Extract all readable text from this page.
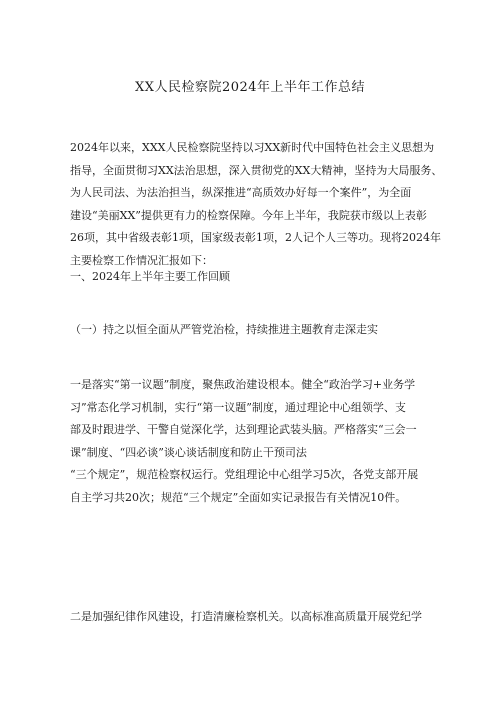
XX人民检察院2024年上半年工作总结

2024年以来，XXX人民检察院坚持以习XX新时代中国特色社会主义思想为
指导，全面贯彻习XX法治思想，深入贯彻党的XX大精神，坚持为大局服务、
为人民司法、为法治担当，纵深推进“高质效办好每一个案件”，为全面
建设“美丽XX”提供更有力的检察保障。今年上半年，我院获市级以上表彰
26项，其中省级表彰1项，国家级表彰1项，2人记个人三等功。现将2024年
主要检察工作情况汇报如下：

一、2024年上半年主要工作回顾
（一）持之以恒全面从严管党治检，持续推进主题教育走深走实

一是落实“第一议题”制度，聚焦政治建设根本。健全“政治学习+业务学
习”常态化学习机制，实行“第一议题”制度，通过理论中心组领学、支
部及时跟进学、干警自觉深化学，达到理论武装头脑。严格落实“三会一
课”制度、“四必谈”谈心谈话制度和防止干预司法
“三个规定”，规范检察权运行。党组理论中心组学习5次，各党支部开展
自主学习共20次；规范“三个规定”全面如实记录报告有关情况10件。

二是加强纪律作风建设，打造清廉检察机关。以高标准高质量开展党纪学
